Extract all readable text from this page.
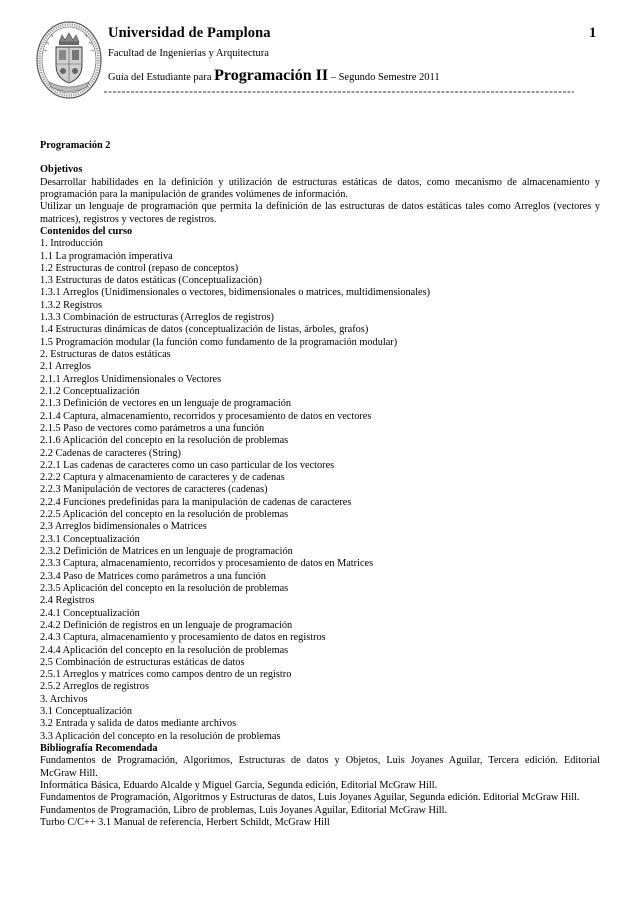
Universidad de Pamplona	1
Facultad de Ingenierías y Arquitectura
Guía del Estudiante para Programación II – Segundo Semestre 2011

Programación 2

Objetivos

Desarrollar habilidades en la definición y utilización de estructuras estáticas de datos, como mecanismo de almacenamiento y

programación para la manipulación de grandes volúmenes de información.

Utilizar un lenguaje de programación que permita la definición de las estructuras de datos estáticas tales como Arreglos (vectores y

matrices), registros y vectores de registros.

Contenidos del curso

1. Introducción

1.1 La programación imperativa

1.2 Estructuras de control (repaso de conceptos)

1.3 Estructuras de datos estáticas (Conceptualización)

1.3.1 Arreglos (Unidimensionales o vectores, bidimensionales o matrices, multidimensionales)

1.3.2 Registros

1.3.3 Combinación de estructuras (Arreglos de registros)

1.4 Estructuras dinámicas de datos (conceptualización de listas, árboles, grafos)

1.5 Programación modular (la función como fundamento de la programación modular)

2. Estructuras de datos estáticas

2.1 Arreglos

2.1.1 Arreglos Unidimensionales o Vectores

2.1.2 Conceptualización

2.1.3 Definición de vectores en un lenguaje de programación

2.1.4 Captura, almacenamiento, recorridos y procesamiento de datos en vectores

2.1.5 Paso de vectores como parámetros a una función

2.1.6 Aplicación del concepto en la resolución de problemas

2.2 Cadenas de caracteres (String)

2.2.1 Las cadenas de caracteres como un caso particular de los vectores

2.2.2 Captura y almacenamiento de caracteres y de cadenas

2.2.3 Manipulación de vectores de caracteres (cadenas)

2.2.4 Funciones predefinidas para la manipulación de cadenas de caracteres

2.2.5 Aplicación del concepto en la resolución de problemas

2.3 Arreglos bidimensionales o Matrices

2.3.1 Conceptualización

2.3.2 Definición de Matrices en un lenguaje de programación

2.3.3 Captura, almacenamiento, recorridos y procesamiento de datos en Matrices

2.3.4 Paso de Matrices como parámetros a una función

2.3.5 Aplicación del concepto en la resolución de problemas

2.4 Registros

2.4.1 Conceptualización

2.4.2 Definición de registros en un lenguaje de programación

2.4.3 Captura, almacenamiento y procesamiento de datos en registros

2.4.4 Aplicación del concepto en la resolución de problemas

2.5 Combinación de estructuras estáticas de datos

2.5.1 Arreglos y matrices como campos dentro de un registro

2.5.2 Arreglos de registros

3. Archivos

3.1 Conceptualización

3.2 Entrada y salida de datos mediante archivos

3.3 Aplicación del concepto en la resolución de problemas

Bibliografía Recomendada

Fundamentos de Programación, Algoritmos, Estructuras de datos y Objetos, Luis Joyanes Aguilar, Tercera edición. Editorial

McGraw Hill.

Informática Básica, Eduardo Alcalde y Miguel Garcia, Segunda edición, Editorial McGraw Hill.

Fundamentos de Programación, Algoritmos y Estructuras de datos, Luis Joyanes Aguilar, Segunda edición. Editorial McGraw Hill.

Fundamentos de Programación, Libro de problemas, Luis Joyanes Aguilar, Editorial McGraw Hill.

Turbo C/C++ 3.1 Manual de referencia, Herbert Schildt, McGraw Hill
